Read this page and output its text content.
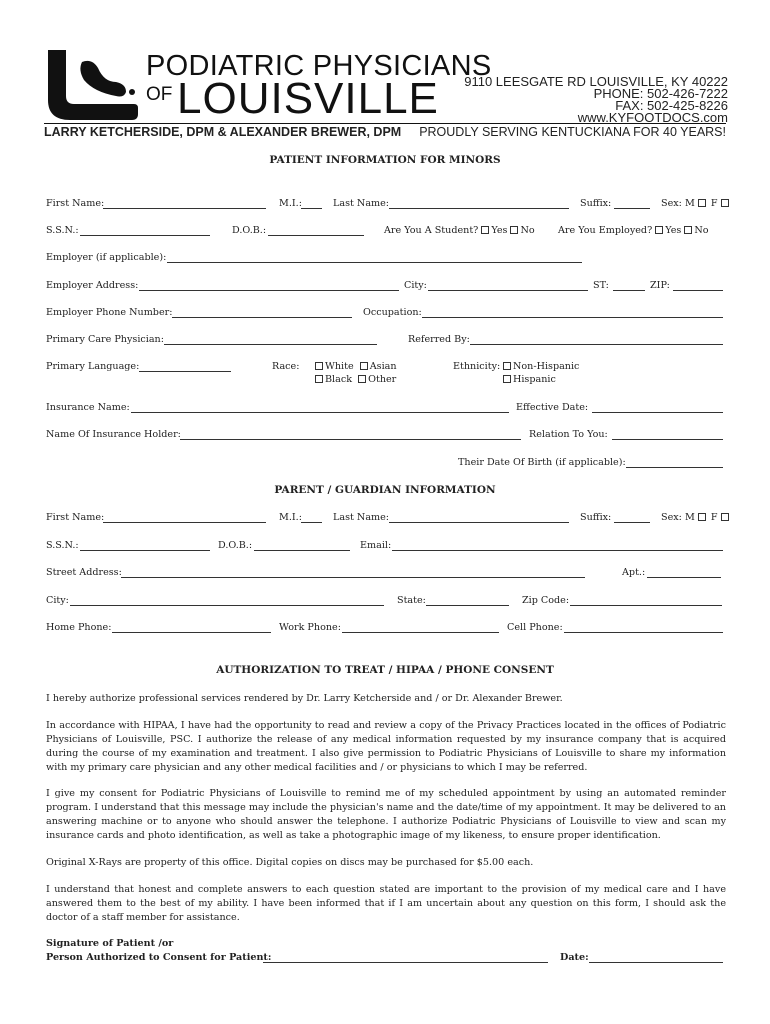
PODIATRIC PHYSICIANS
OF LOUISVILLE 9110 LEESGATE RD LOUISVILLE, KY 40222
PHONE: 502-426-7222
FAX: 502-425-8226
www.KYFOOTDOCS.com
LARRY KETCHERSIDE, DPM & ALEXANDER BREWER, DPM PROUDLY SERVING KENTUCKIANA FOR 40 YEARS!
PATIENT INFORMATION FOR MINORS
First Name:	M.I.:	Last Name:	Suffix:	Sex: M F
S.S.N.:	D.O.B.:	Are You A Student? Yes No Are You Employed? Yes No
Employer (if applicable):
Employer Address:	City:	ST:	ZIP:
Employer Phone Number:	Occupation:
Primary Care Physician:	Referred By:
Primary Language:	Race:	White Asian
Black Other
Ethnicity:	Non-Hispanic
Hispanic
Insurance Name:	Effective Date:
Name Of Insurance Holder:	Relation To You:
Their Date Of Birth (if applicable):
PARENT / GUARDIAN INFORMATION
First Name:	M.I.:	Last Name:	Suffix:	Sex: M F
S.S.N.:	D.O.B.:	Email:
Street Address:	Apt.:
City:	State:	Zip Code:
Home Phone:	Work Phone:	Cell Phone:
AUTHORIZATION TO TREAT / HIPAA / PHONE CONSENT
I hereby authorize professional services rendered by Dr. Larry Ketcherside and / or Dr. Alexander Brewer.
In accordance with HIPAA, I have had the opportunity to read and review a copy of the Privacy Practices located in the offices of Podiatric Physicians of Louisville, PSC. I authorize the release of any medical information requested by my insurance company that is acquired during the course of my examination and treatment. I also give permission to Podiatric Physicians of Louisville to share my information with my primary care physician and any other medical facilities and / or physicians to which I may be referred.
I give my consent for Podiatric Physicians of Louisville to remind me of my scheduled appointment by using an automated reminder program. I understand that this message may include the physician's name and the date/time of my appointment. It may be delivered to an answering machine or to anyone who should answer the telephone. I authorize Podiatric Physicians of Louisville to view and scan my insurance cards and photo identification, as well as take a photographic image of my likeness, to ensure proper identification.
Original X-Rays are property of this office. Digital copies on discs may be purchased for $5.00 each.
I understand that honest and complete answers to each question stated are important to the provision of my medical care and I have answered them to the best of my ability. I have been informed that if I am uncertain about any question on this form, I should ask the doctor of a staff member for assistance.
Signature of Patient /or
Person Authorized to Consent for Patient:	Date:
